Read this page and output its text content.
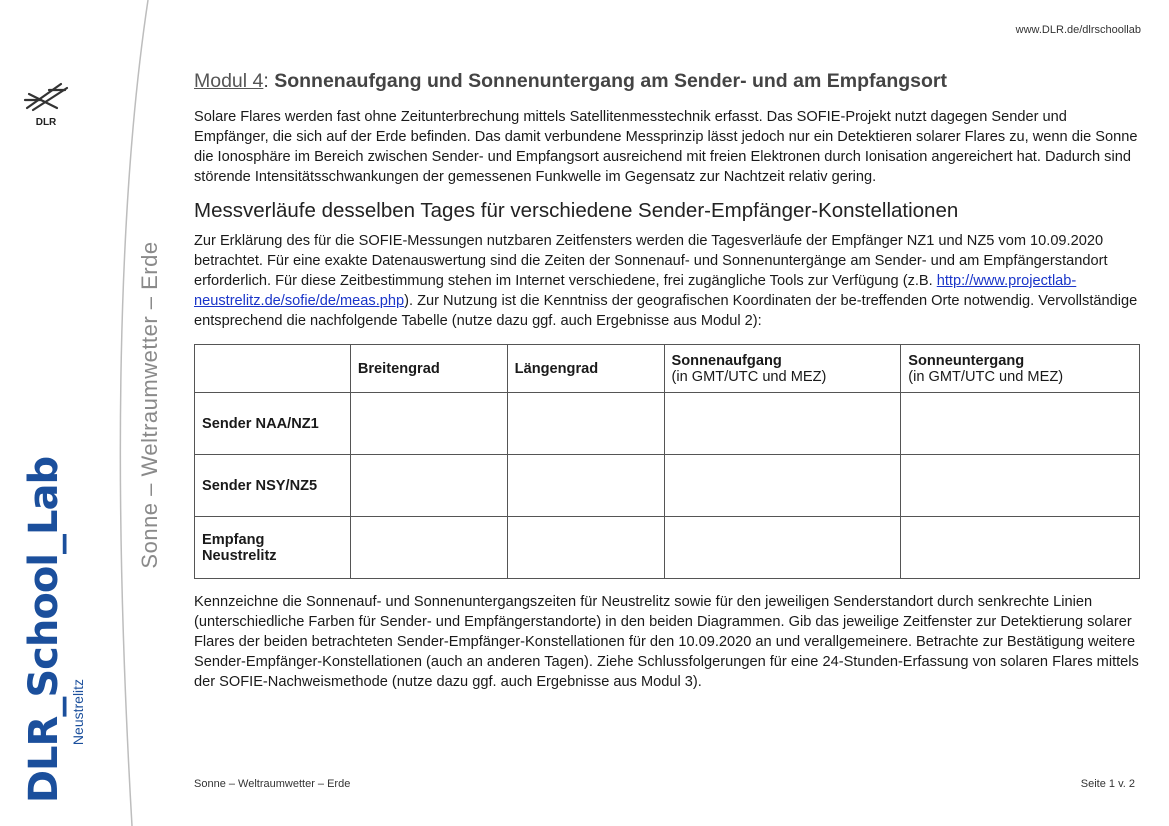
www.DLR.de/dlrschoollab
DLR
Sonne – Weltraumwetter – Erde
DLR_School_Lab Neustrelitz
Modul 4: Sonnenaufgang und Sonnenuntergang am Sender- und am Empfangsort

Solare Flares werden fast ohne Zeitunterbrechung mittels Satellitenmesstechnik erfasst. Das SOFIE-Projekt nutzt dagegen Sender und Empfänger, die sich auf der Erde befinden. Das damit verbundene Messprinzip lässt jedoch nur ein Detektieren solarer Flares zu, wenn die Sonne die Ionosphäre im Bereich zwischen Sender- und Empfangsort ausreichend mit freien Elektronen durch Ionisation angereichert hat. Dadurch sind störende Intensitätsschwankungen der gemessenen Funkwelle im Gegensatz zur Nachtzeit relativ gering.

Messverläufe desselben Tages für verschiedene Sender-Empfänger-Konstellationen

Zur Erklärung des für die SOFIE-Messungen nutzbaren Zeitfensters werden die Tagesverläufe der Empfänger NZ1 und NZ5 vom 10.09.2020 betrachtet. Für eine exakte Datenauswertung sind die Zeiten der Sonnenauf- und Sonnenuntergänge am Sender- und am Empfängerstandort erforderlich. Für diese Zeitbestimmung stehen im Internet verschiedene, frei zugängliche Tools zur Verfügung (z.B. http://www.projectlab-neustrelitz.de/sofie/de/meas.php). Zur Nutzung ist die Kenntniss der geografischen Koordinaten der be-treffenden Orte notwendig. Vervollständige entsprechend die nachfolgende Tabelle (nutze dazu ggf. auch Ergebnisse aus Modul 2):

	Breitengrad	Längengrad	Sonnenaufgang
(in GMT/UTC und MEZ)	Sonneuntergang
(in GMT/UTC und MEZ)

Sender NAA/NZ1				
Sender NSY/NZ5				
Empfang Neustrelitz				

Kennzeichne die Sonnenauf- und Sonnenuntergangszeiten für Neustrelitz sowie für den jeweiligen Senderstandort durch senkrechte Linien (unterschiedliche Farben für Sender- und Empfängerstandorte) in den beiden Diagrammen. Gib das jeweilige Zeitfenster zur Detektierung solarer Flares der beiden betrachteten Sender-Empfänger-Konstellationen für den 10.09.2020 an und verallgemeinere. Betrachte zur Bestätigung weitere Sender-Empfänger-Konstellationen (auch an anderen Tagen). Ziehe Schlussfolgerungen für eine 24-Stunden-Erfassung von solaren Flares mittels der SOFIE-Nachweismethode (nutze dazu ggf. auch Ergebnisse aus Modul 3).

Sonne – Weltraumwetter – Erde	Seite 1 v. 2
